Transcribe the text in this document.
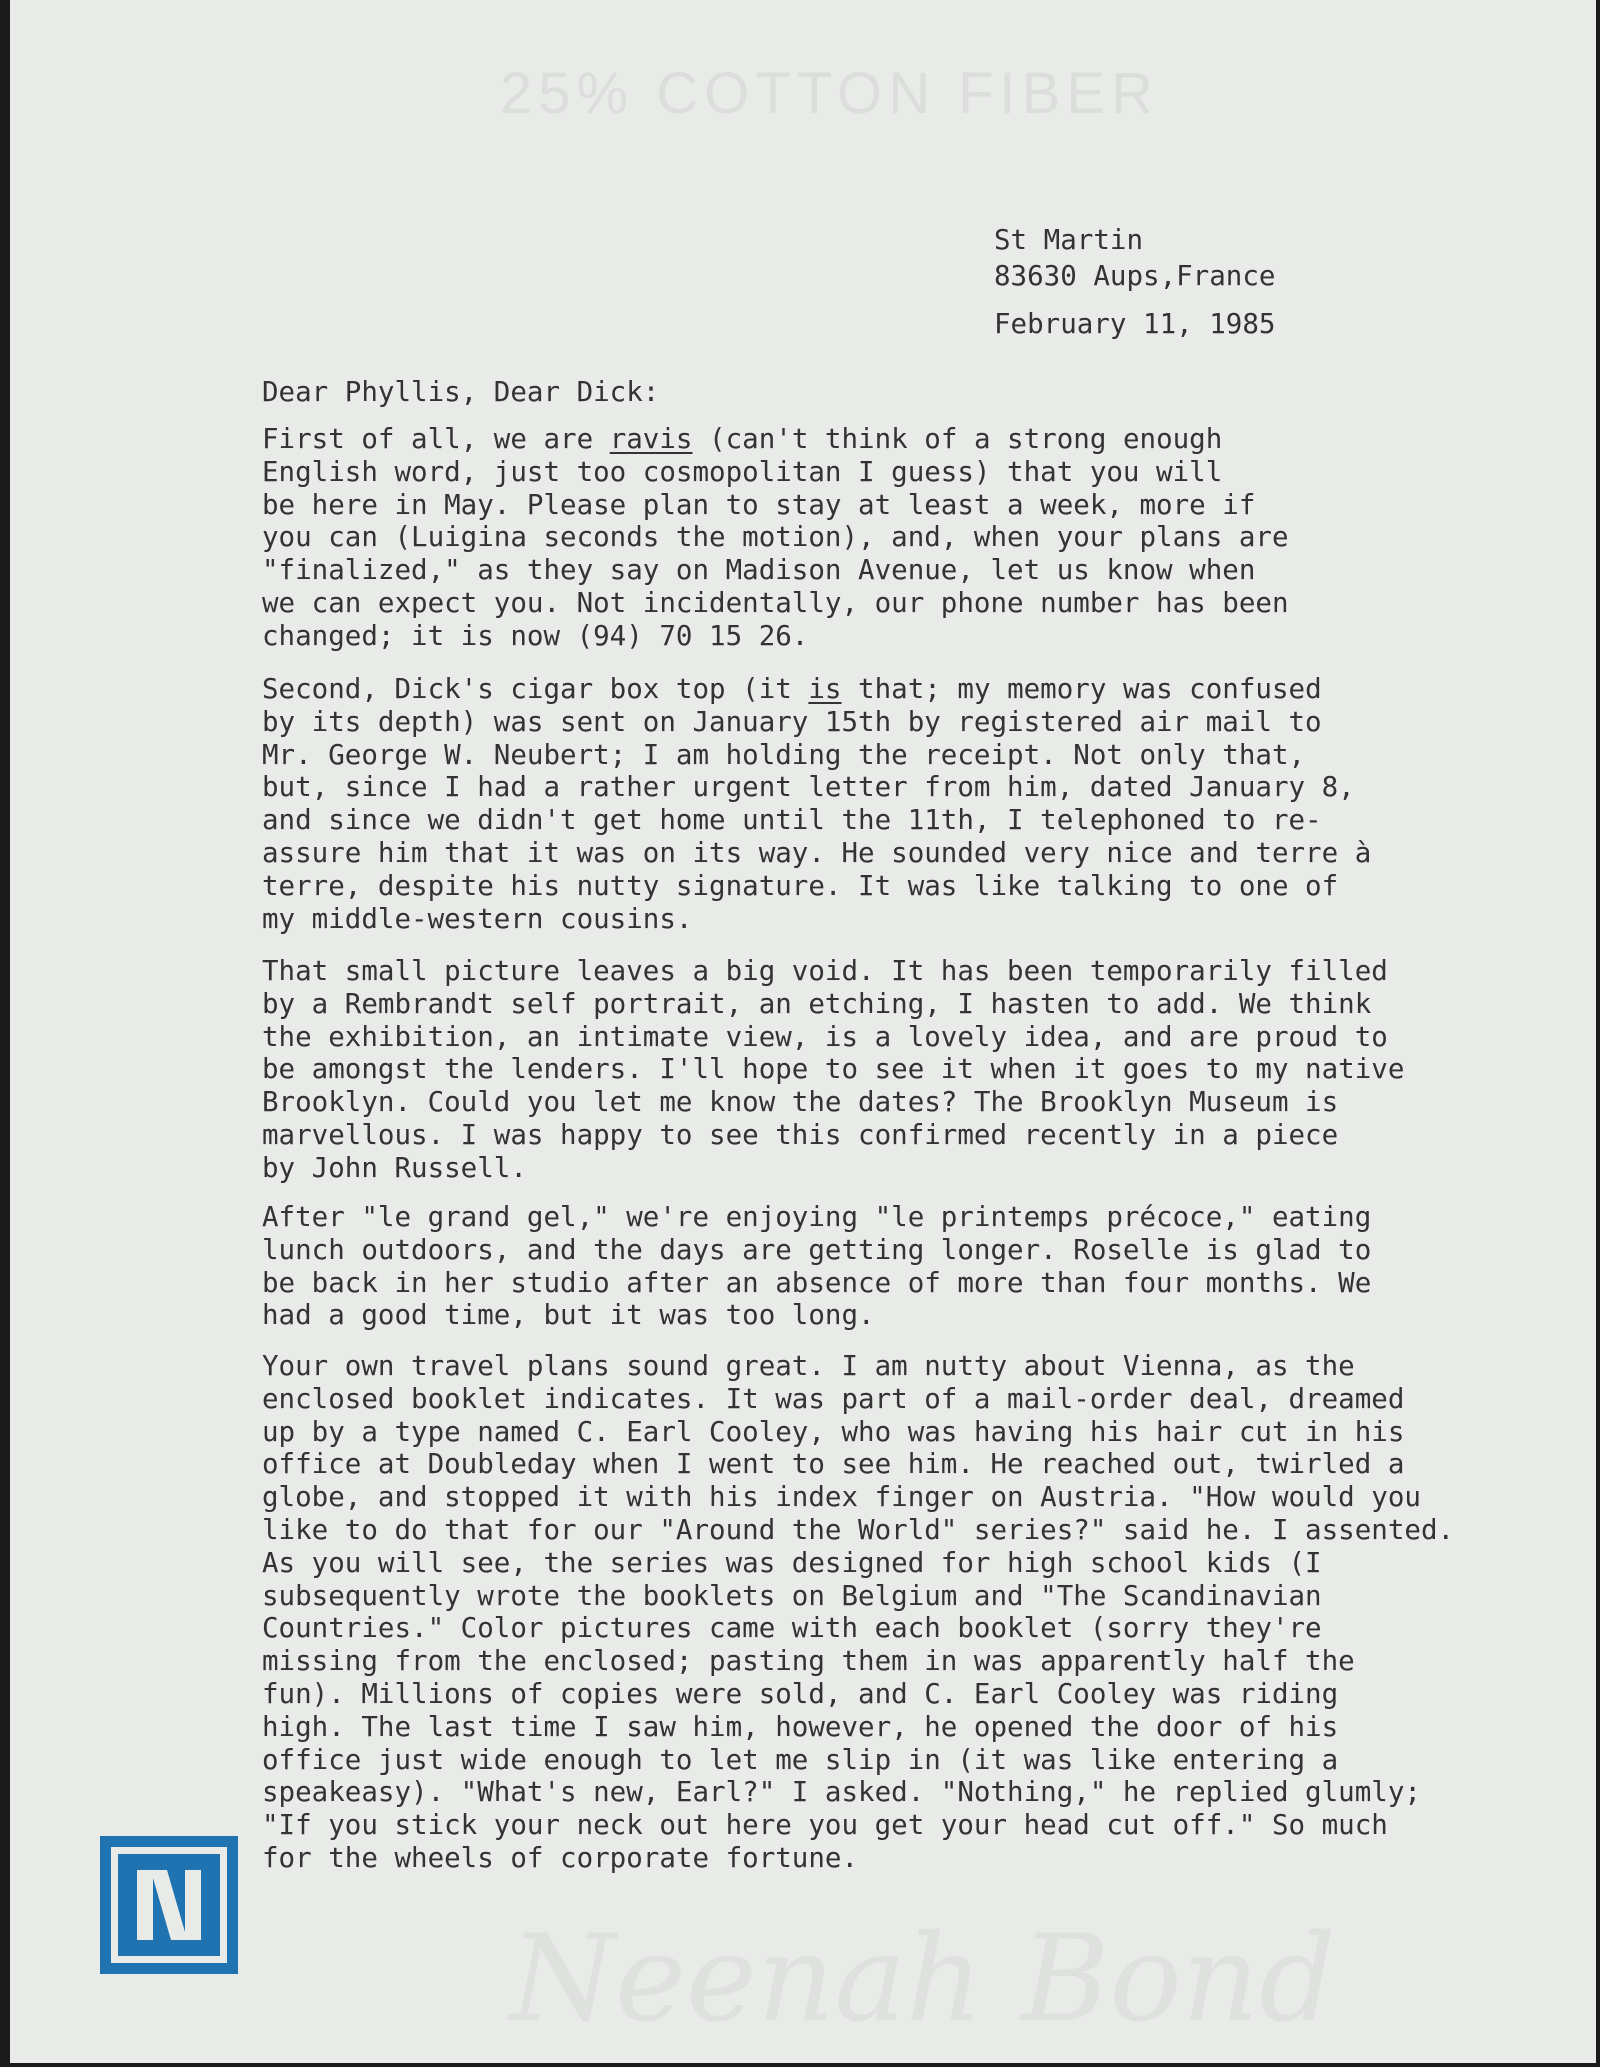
25% COTTON FIBER
Neenah Bond
St Martin
83630 Aups,France
February 11, 1985
Dear Phyllis, Dear Dick:
First of all, we are ravis (can't think of a strong enough
English word, just too cosmopolitan I guess) that you will
be here in May. Please plan to stay at least a week, more if
you can (Luigina seconds the motion), and, when your plans are
"finalized," as they say on Madison Avenue, let us know when
we can expect you. Not incidentally, our phone number has been
changed; it is now (94) 70 15 26.
Second, Dick's cigar box top (it is that; my memory was confused
by its depth) was sent on January 15th by registered air mail to
Mr. George W. Neubert; I am holding the receipt. Not only that,
but, since I had a rather urgent letter from him, dated January 8,
and since we didn't get home until the 11th, I telephoned to re-
assure him that it was on its way. He sounded very nice and terre à
terre, despite his nutty signature. It was like talking to one of
my middle-western cousins.
That small picture leaves a big void. It has been temporarily filled
by a Rembrandt self portrait, an etching, I hasten to add. We think
the exhibition, an intimate view, is a lovely idea, and are proud to
be amongst the lenders. I'll hope to see it when it goes to my native
Brooklyn. Could you let me know the dates? The Brooklyn Museum is
marvellous. I was happy to see this confirmed recently in a piece
by John Russell.
After "le grand gel," we're enjoying "le printemps précoce," eating
lunch outdoors, and the days are getting longer. Roselle is glad to
be back in her studio after an absence of more than four months. We
had a good time, but it was too long.
Your own travel plans sound great. I am nutty about Vienna, as the
enclosed booklet indicates. It was part of a mail-order deal, dreamed
up by a type named C. Earl Cooley, who was having his hair cut in his
office at Doubleday when I went to see him. He reached out, twirled a
globe, and stopped it with his index finger on Austria. "How would you
like to do that for our "Around the World" series?" said he. I assented.
As you will see, the series was designed for high school kids (I
subsequently wrote the booklets on Belgium and "The Scandinavian
Countries." Color pictures came with each booklet (sorry they're
missing from the enclosed; pasting them in was apparently half the
fun). Millions of copies were sold, and C. Earl Cooley was riding
high. The last time I saw him, however, he opened the door of his
office just wide enough to let me slip in (it was like entering a
speakeasy). "What's new, Earl?" I asked. "Nothing," he replied glumly;
"If you stick your neck out here you get your head cut off." So much
for the wheels of corporate fortune.
